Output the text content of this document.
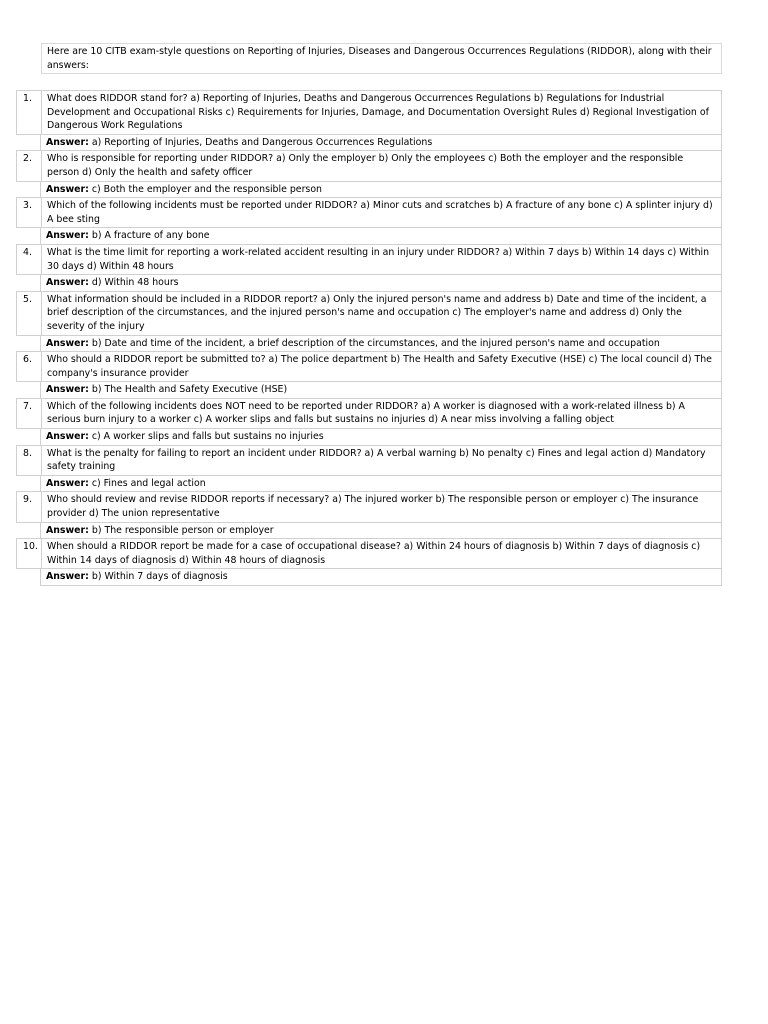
Here are 10 CITB exam-style questions on Reporting of Injuries, Diseases and Dangerous Occurrences Regulations (RIDDOR), along with their answers:
1.	What does RIDDOR stand for? a) Reporting of Injuries, Deaths and Dangerous Occurrences Regulations b) Regulations for Industrial Development and Occupational Risks c) Requirements for Injuries, Damage, and Documentation Oversight Rules d) Regional Investigation of Dangerous Work Regulations
Answer: a) Reporting of Injuries, Deaths and Dangerous Occurrences Regulations
2.	Who is responsible for reporting under RIDDOR? a) Only the employer b) Only the employees c) Both the employer and the responsible person d) Only the health and safety officer
Answer: c) Both the employer and the responsible person
3.	Which of the following incidents must be reported under RIDDOR? a) Minor cuts and scratches b) A fracture of any bone c) A splinter injury d) A bee sting
Answer: b) A fracture of any bone
4.	What is the time limit for reporting a work-related accident resulting in an injury under RIDDOR? a) Within 7 days b) Within 14 days c) Within 30 days d) Within 48 hours
Answer: d) Within 48 hours
5.	What information should be included in a RIDDOR report? a) Only the injured person's name and address b) Date and time of the incident, a brief description of the circumstances, and the injured person's name and occupation c) The employer's name and address d) Only the severity of the injury
Answer: b) Date and time of the incident, a brief description of the circumstances, and the injured person's name and occupation
6.	Who should a RIDDOR report be submitted to? a) The police department b) The Health and Safety Executive (HSE) c) The local council d) The company's insurance provider
Answer: b) The Health and Safety Executive (HSE)
7.	Which of the following incidents does NOT need to be reported under RIDDOR? a) A worker is diagnosed with a work-related illness b) A serious burn injury to a worker c) A worker slips and falls but sustains no injuries d) A near miss involving a falling object
Answer: c) A worker slips and falls but sustains no injuries
8.	What is the penalty for failing to report an incident under RIDDOR? a) A verbal warning b) No penalty c) Fines and legal action d) Mandatory safety training
Answer: c) Fines and legal action
9.	Who should review and revise RIDDOR reports if necessary? a) The injured worker b) The responsible person or employer c) The insurance provider d) The union representative
Answer: b) The responsible person or employer
10. When should a RIDDOR report be made for a case of occupational disease? a) Within 24 hours of diagnosis b) Within 7 days of diagnosis c) Within 14 days of diagnosis d) Within 48 hours of diagnosis
Answer: b) Within 7 days of diagnosis
